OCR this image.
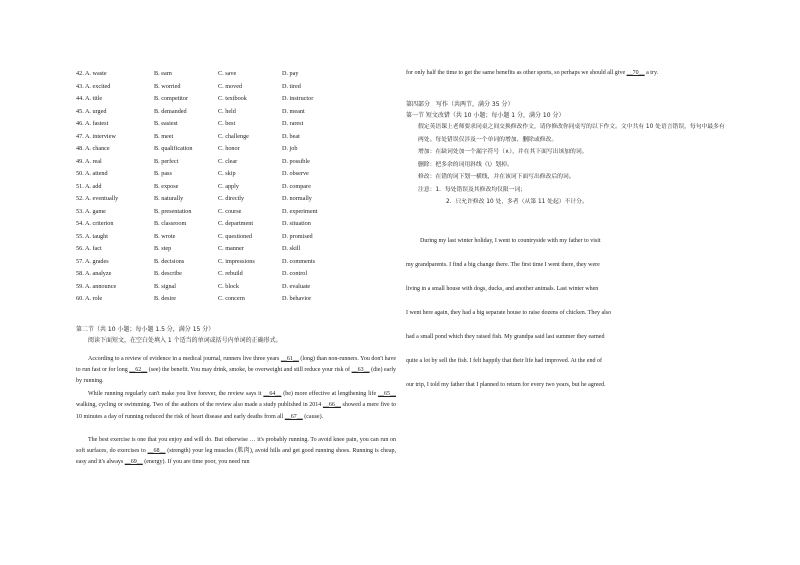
42. A. waste	B. earn	C. save	D. pay
43. A. excited	B. worried	C. moved	D. tired
44. A. title	B. competitor	C. textbook	D. instructor
45. A. urged	B. demanded	C. held	D. meant
46. A. fastest	B. easiest	C. best	D. rarest
47. A. interview	B. meet	C. challenge	D. beat
48. A. chance	B. qualification	C. honor	D. job
49. A. real	B. perfect	C. clear	D. possible
50. A. attend	B. pass	C. skip	D. observe
51. A. add	B. expose	C. apply	D. compare
52. A. eventually	B. naturally	C. directly	D. normally
53. A. game	B. presentation	C. course	D. experiment
54. A. criterion	B. classroom	C. department	D. situation
55. A. taught	B. wrote	C. questioned	D. promised
56. A. fact	B. step	C. manner	D. skill
57. A. grades	B. decisions	C. impressions	D. comments
58. A. analyze	B. describe	C. rebuild	D. control
59. A. announce	B. signal	C. block	D. evaluate
60. A. role	B. desire	C. concern	D. behavior
第二节（共 10 小题；每小题 1.5 分，满分 15 分）
阅读下面短文，在空白处填入 1 个适当的单词或括号内单词的正确形式。

According to a review of evidence in a medical journal, runners live three years __61__ (long) than non-runners. You don't have to run fast or for long __62__ (see) the benefit. You may drink, smoke, be overweight and still reduce your risk of __63__ (die) early by running.

While running regularly can't make you live forever, the review says it __64__ (be) more effective at lengthening life __65__ walking, cycling or swimming. Two of the authors of the review also made a study published in 2014 __66__ showed a mere five to 10 minutes a day of running reduced the risk of heart disease and early deaths from all __67__ (cause).

The best exercise is one that you enjoy and will do. But otherwise … it's probably running. To avoid knee pain, you can run on soft surfaces, do exercises to __68__ (strength) your leg muscles (肌肉), avoid hills and get good running shoes. Running is cheap, easy and it's always __69__ (energy). If you are time poor, you need run

for only half the time to get the same benefits as other sports, so perhaps we should all give __70__ a try.

第四部分　写作（共两节，满分 35 分）
第一节 短文改错（共 10 小题；每小题 1 分，满分 10 分）
假定英语课上老师要求同桌之间交换修改作文，请你修改你同桌写的以下作文。文中共有 10 处语言错误，每句中最多有两处。每处错误仅涉及一个单词的增加、删除或修改。
增加：在缺词处加一个漏字符号（∧），并在其下面写出该加的词。
删除：把多余的词用斜线（\）划掉。
修改：在错的词下划一横线，并在该词下面写出修改后的词。
注意：1．每处错误及其修改均仅限一词；
2．只允许修改 10 处，多者（从第 11 处起）不计分。
During my last winter holiday, I went to countryside with my father to visit
my grandparents. I find a big change there. The first time I went there, they were
living in a small house with dogs, ducks, and another animals. Last winter when
I went here again, they had a big separate house to raise dozens of chicken. They also
had a small pond which they raised fish. My grandpa said last summer they earned
quite a lot by sell the fish. I felt happily that their life had improved. At the end of
our trip, I told my father that I planned to return for every two years, but he agreed.
